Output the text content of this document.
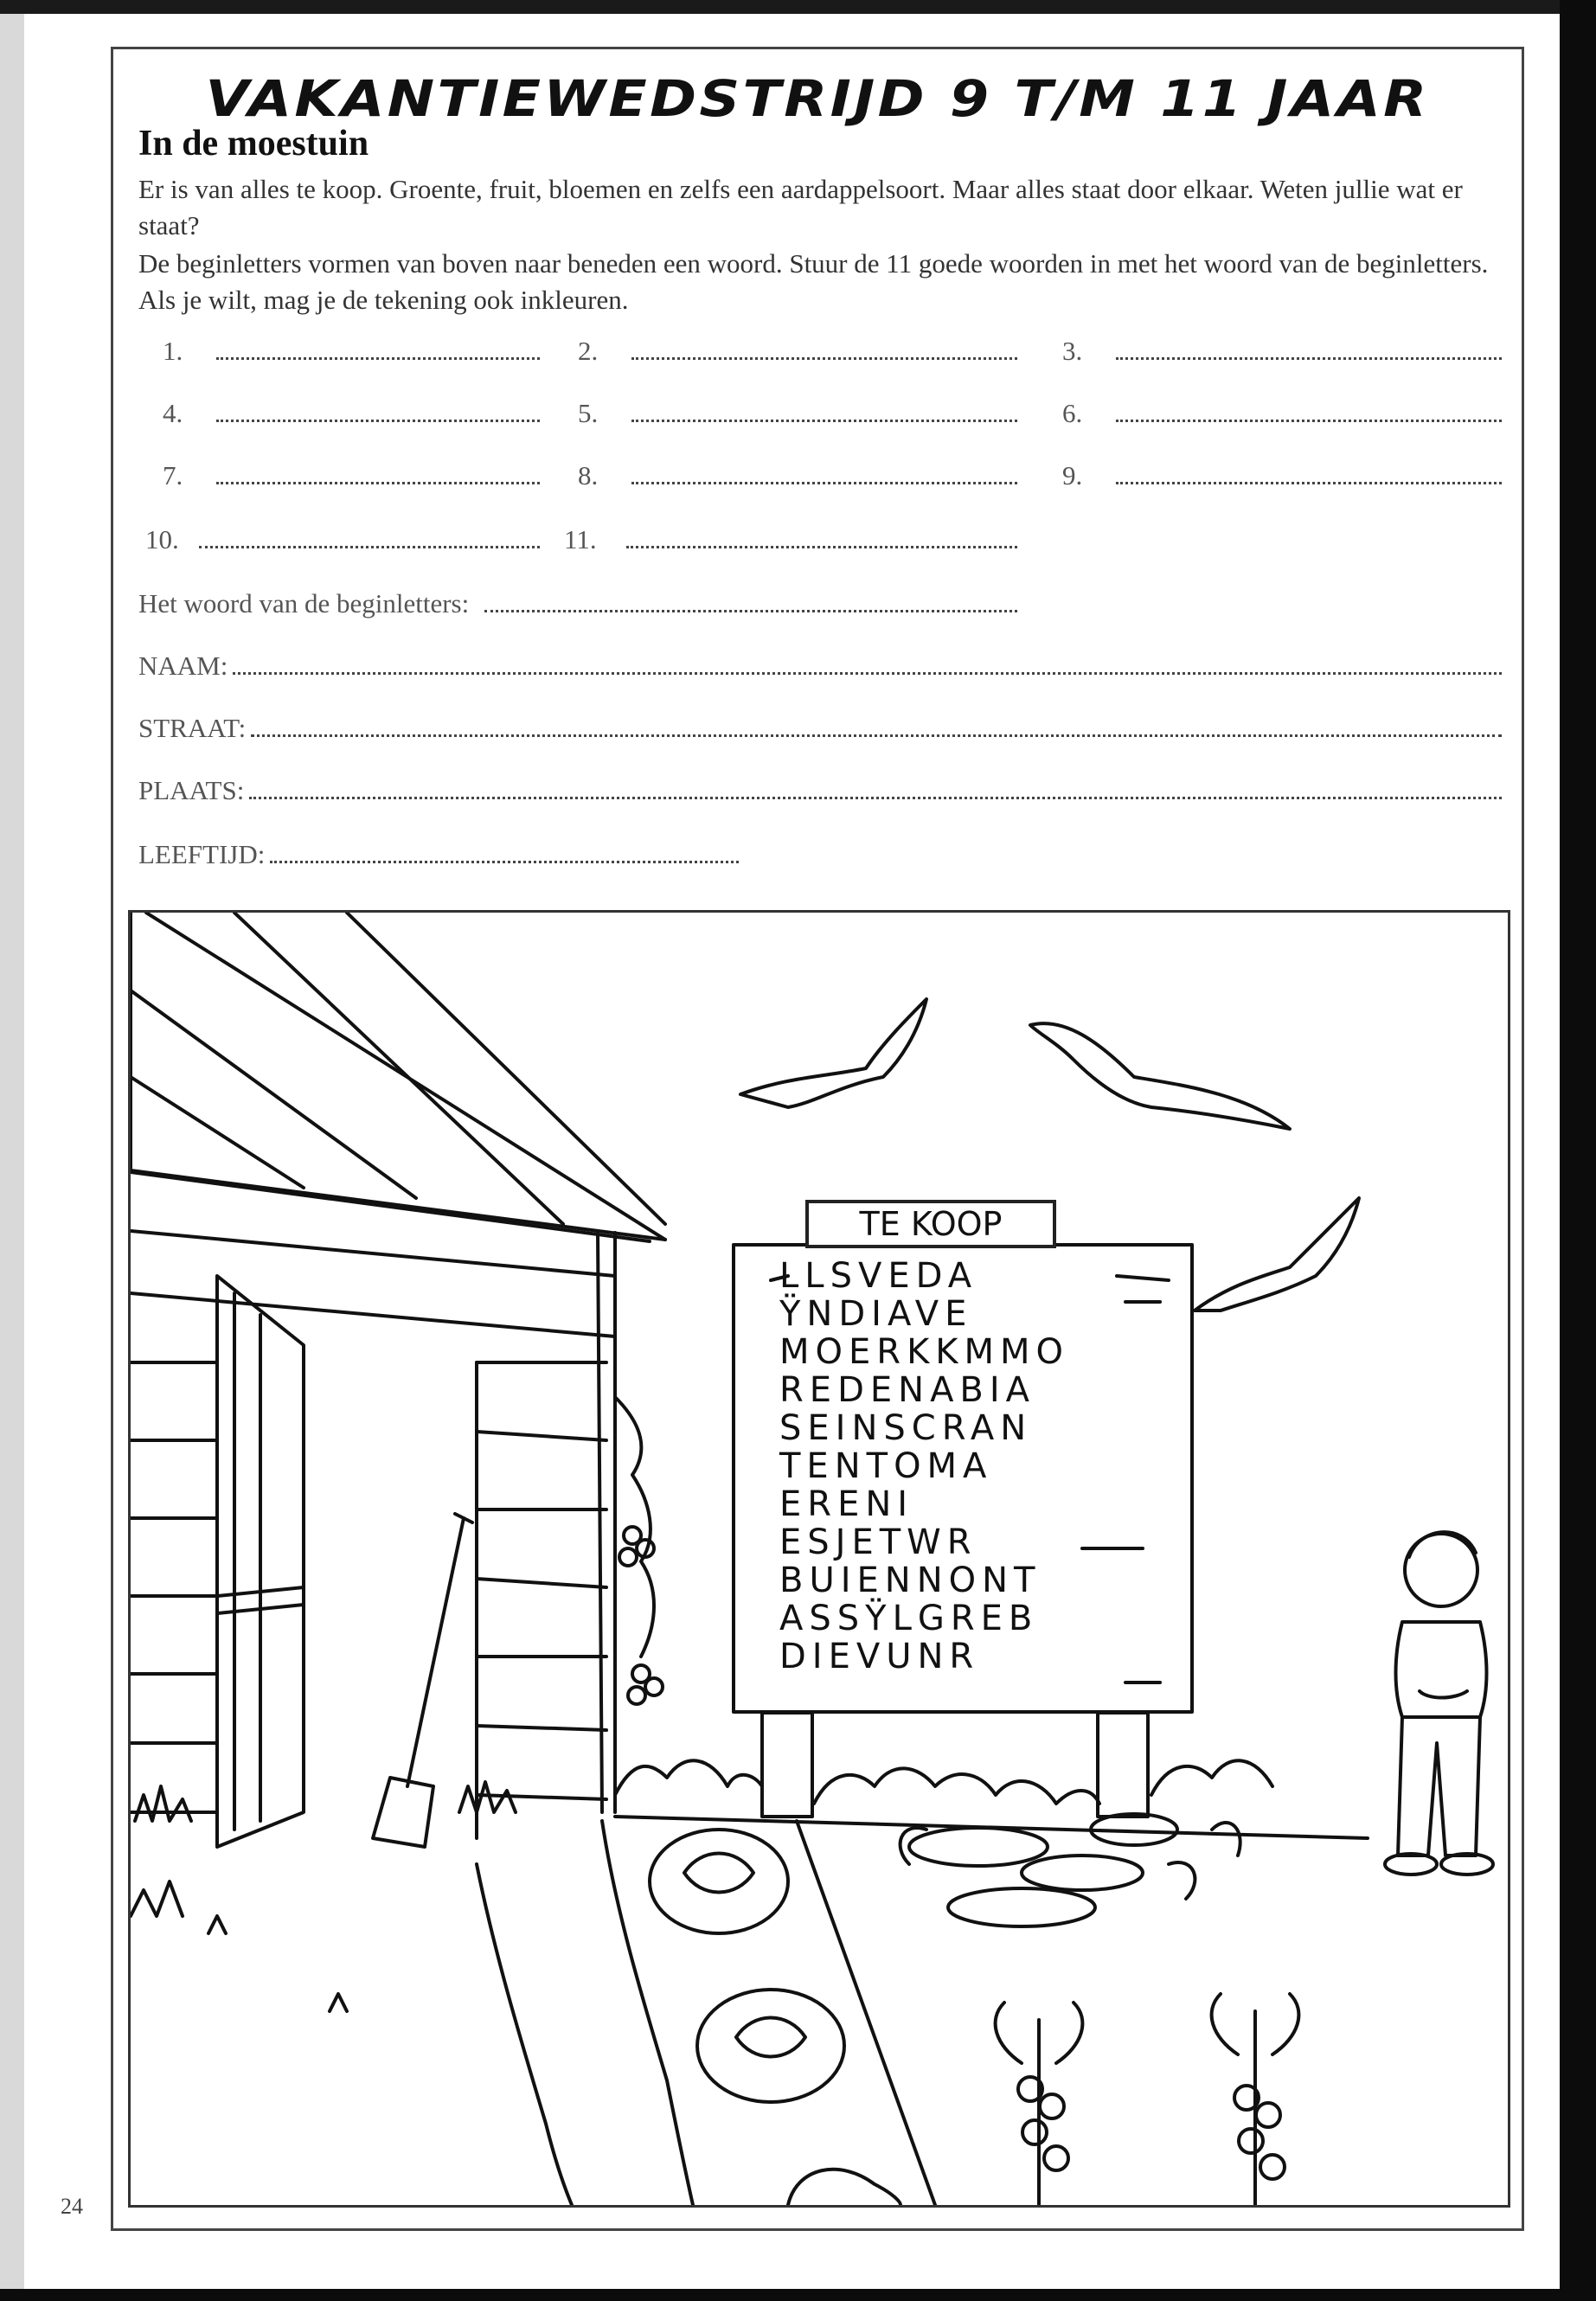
VAKANTIEWEDSTRIJD 9 T/M 11 JAAR
In de moestuin

Er is van alles te koop. Groente, fruit, bloemen en zelfs een aardappelsoort. Maar alles staat door elkaar. Weten jullie wat er staat?

De beginletters vormen van boven naar beneden een woord. Stuur de 11 goede woorden in met het woord van de beginletters. Als je wilt, mag je de tekening ook inkleuren.

1.	2.	3.
4.	5.	6.
7.	8.	9.
10.	11.
Het woord van de beginletters:
NAAM:
STRAAT:
PLAATS:
LEEFTIJD:
TE KOOP
LLSVEDA
ŸNDIAVE
MOERKKMMO
REDENABIA
SEINSCRAN
TENTOMA
ERENI
ESJETWR
BUIENNONT
ASSŸLGREB
DIEVUNR
24
